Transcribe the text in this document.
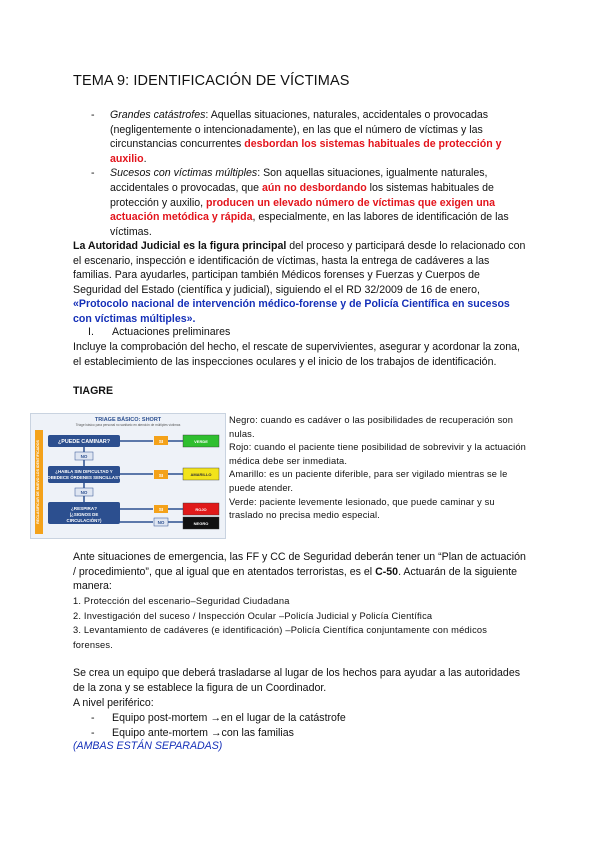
TEMA 9: IDENTIFICACIÓN DE VÍCTIMAS
- Grandes catástrofes: Aquellas situaciones, naturales, accidentales o provocadas (negligentemente o intencionadamente), en las que el número de víctimas y las circunstancias concurrentes desbordan los sistemas habituales de protección y auxilio.
- Sucesos con víctimas múltiples: Son aquellas situaciones, igualmente naturales, accidentales o provocadas, que aún no desbordando los sistemas habituales de protección y auxilio, producen un elevado número de víctimas que exigen una actuación metódica y rápida, especialmente, en las labores de identificación de las víctimas.
La Autoridad Judicial es la figura principal del proceso y participará desde lo relacionado con el escenario, inspección e identificación de víctimas, hasta la entrega de cadáveres a las familias. Para ayudarles, participan también Médicos forenses y Fuerzas y Cuerpos de Seguridad del Estado (científica y judicial), siguiendo el el RD 32/2009 de 16 de enero, «Protocolo nacional de intervención médico-forense y de Policía Científica en sucesos con víctimas múltiples».
I. Actuaciones preliminares
Incluye la comprobación del hecho, el rescate de supervivientes, asegurar y acordonar la zona, el establecimiento de las inspecciones oculares y el inicio de los trabajos de identificación.
TIAGRE
TRIAGE BÁSICO: SHORT
Triage básico para personal no sanitario en atención de múltiples víctimas
RECLASIFICAR DE NUEVO LOS IDENTIFICADOS	¿PUEDE CAMINAR?	SI	VERDE
NO
¿HABLA SIN DIFICULTAD Y
OBEDECE ÓRDENES SENCILLAS?	SI	AMARILLO
NO
¿RESPIRA?
(¿SIGNOS DE
CIRCULACIÓN?)
SI	ROJO
NO	NEGRO
Negro: cuando es cadáver o las posibilidades de recuperación son nulas.
Rojo: cuando el paciente tiene posibilidad de sobrevivir y la actuación médica debe ser inmediata.
Amarillo: es un paciente diferible, para ser vigilado mientras se le puede atender.
Verde: paciente levemente lesionado, que puede caminar y su traslado no precisa medio especial.
Ante situaciones de emergencia, las FF y CC de Seguridad deberán tener un “Plan de actuación / procedimiento”, que al igual que en atentados terroristas, es el C-50. Actuarán de la siguiente manera:
1. Protección del escenario–Seguridad Ciudadana
2. Investigación del suceso / Inspección Ocular –Policía Judicial y Policía Científica
3. Levantamiento de cadáveres (e identificación) –Policía Científica conjuntamente con médicos forenses.
Se crea un equipo que deberá trasladarse al lugar de los hechos para ayudar a las autoridades de la zona y se establece la figura de un Coordinador.
A nivel periférico:
- Equipo post-mortem →en el lugar de la catástrofe
- Equipo ante-mortem →con las familias
(AMBAS ESTÁN SEPARADAS)
